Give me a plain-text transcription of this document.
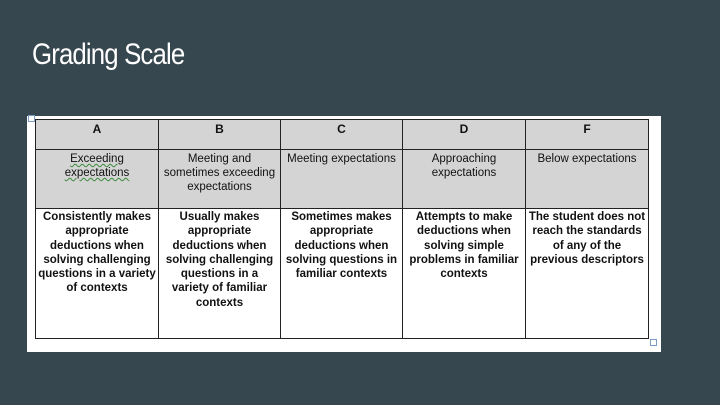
Grading Scale
A	B	C	D	F
Exceeding expectations	Meeting and sometimes exceeding expectations	Meeting expectations	Approaching expectations	Below expectations
Consistently makes appropriate deductions when solving challenging questions in a variety of contexts	Usually makes appropriate deductions when solving challenging questions in a variety of familiar contexts	Sometimes makes appropriate deductions when solving questions in familiar contexts	Attempts to make deductions when solving simple problems in familiar contexts	The student does not reach the standards of any of the previous descriptors
